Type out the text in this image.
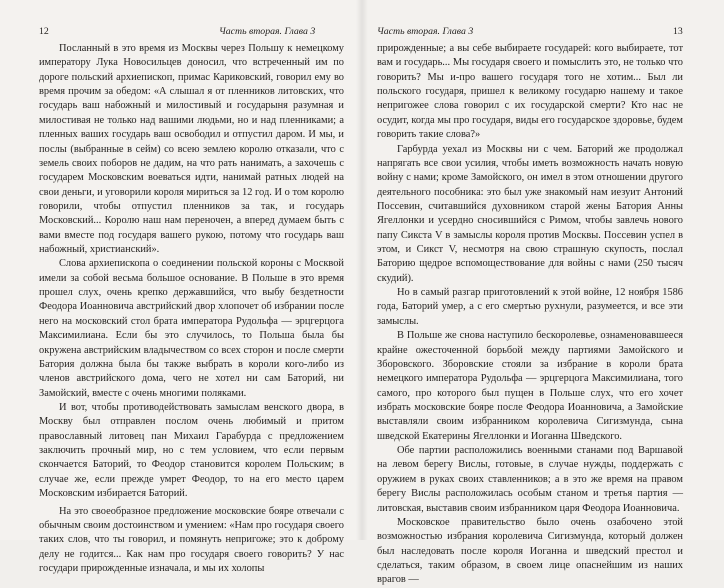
12	Часть вторая. Глава 3

Посланный в это время из Москвы через Польшу к немецкому императору Лука Новосильцев доносил, что встреченный им по дороге польский архиепископ, примас Кариковский, говорил ему во время прочим за обедом: «А слышал я от пленников литовских, что государь ваш набожный и милостивый и государыня разумная и милостивая не только над вашими людьми, но и над пленниками; а пленных ваших государь ваш освободил и отпустил даром. И мы, и послы (выбранные в сейм) со всею землею королю отказали, что с земель своих поборов не дадим, на что рать нанимать, а захочешь с государем Московским воеваться идти, нанимай ратных людей на свои деньги, и уговорили короля мириться за 12 год. И о том королю говорили, чтобы отпустил пленников за так, и государь Московский... Королю наш нам переночен, а вперед думаем быть с вами вместе под государя вашего рукою, потому что государь ваш набожный, христианский».

Слова архиепископа о соединении польской короны с Москвой имели за собой весьма большое основание. В Польше в это время прошел слух, очень крепко державшийся, что выбу бездетности Феодора Иоанновича австрийский двор хлопочет об избрании после него на московский стол брата императора Рудольфа — эрцгерцога Максимилиана. Если бы это случилось, то Польша была бы окружена австрийским владычеством со всех сторон и после смерти Батория должна была бы также выбрать в короли кого-либо из членов австрийского дома, чего не хотел ни сам Баторий, ни Замойский, вместе с очень многими поляками.

И вот, чтобы противодействовать замыслам венского двора, в Москву был отправлен послом очень любимый и притом православный литовец пан Михаил Гарабурда с предложением заключить прочный мир, но с тем условием, что если первым скончается Баторий, то Феодор становится королем Польским; в случае же, если прежде умрет Феодор, то на его место царем Московским избирается Баторий.

На это своеобразное предложение московские бояре отвечали с обычным своим достоинством и умением: «Нам про государя своего таких слов, что ты говорил, и помянуть непригоже; это к доброму делу не годится... Как нам про государя своего говорить? У нас государи прирожденные изначала, и мы их холопы

Часть вторая. Глава 3	13

прирожденные; а вы себе выбираете государей: кого выбираете, тот вам и государь... Мы государя своего и помыслить это, не только что говорить? Мы и-про вашего государя того не хотим... Был ли польского государя, пришел к великому государю нашему и такое непригожее слова говорил с их государской смерти? Кто нас не осудит, когда мы про государя, виды его государское здоровье, будем говорить такие слова?»

Гарбурда уехал из Москвы ни с чем. Баторий же продолжал напрягать все свои усилия, чтобы иметь возможность начать новую войну с нами; кроме Замойского, он имел в этом отношении другого деятельного пособника: это был уже знакомый нам иезуит Антоний Поссевин, считавшийся духовником старой жены Батория Анны Ягеллонки и усердно сносившийся с Римом, чтобы завлечь нового папу Сикста V в замыслы короля против Москвы. Поссевин успел в этом, и Сикст V, несмотря на свою страшную скупость, послал Баторию щедрое вспомоществование для войны с нами (250 тысяч скудий).

Но в самый разгар приготовлений к этой войне, 12 ноября 1586 года, Баторий умер, а с его смертью рухнули, разумеется, и все эти замыслы.

В Польше же снова наступило бескоролевье, ознаменовавшееся крайне ожесточенной борьбой между партиями Замойского и Зборовского. Зборовские стояли за избрание в короли брата немецкого императора Рудольфа — эрцгерцога Максимилиана, того самого, про которого был пущен в Польше слух, что его хочет избрать московские бояре после Феодора Иоанновича, а Замойские выставляли своим избранником королевича Сигизмунда, сына шведской Екатерины Ягеллонки и Иоганна Шведского.

Обе партии расположились военными станами под Варшавой на левом берегу Вислы, готовые, в случае нужды, поддержать с оружием в руках своих ставленников; а в это же время на правом берегу Вислы расположилась особым станом и третья партия — литовская, выставив своим избранником царя Феодора Иоанновича.

Московское правительство было очень озабочено этой возможностью избрания королевича Сигизмунда, который должен был наследовать после короля Иоганна и шведский престол и сделаться, таким образом, в своем лице опаснейшим из наших врагов —
